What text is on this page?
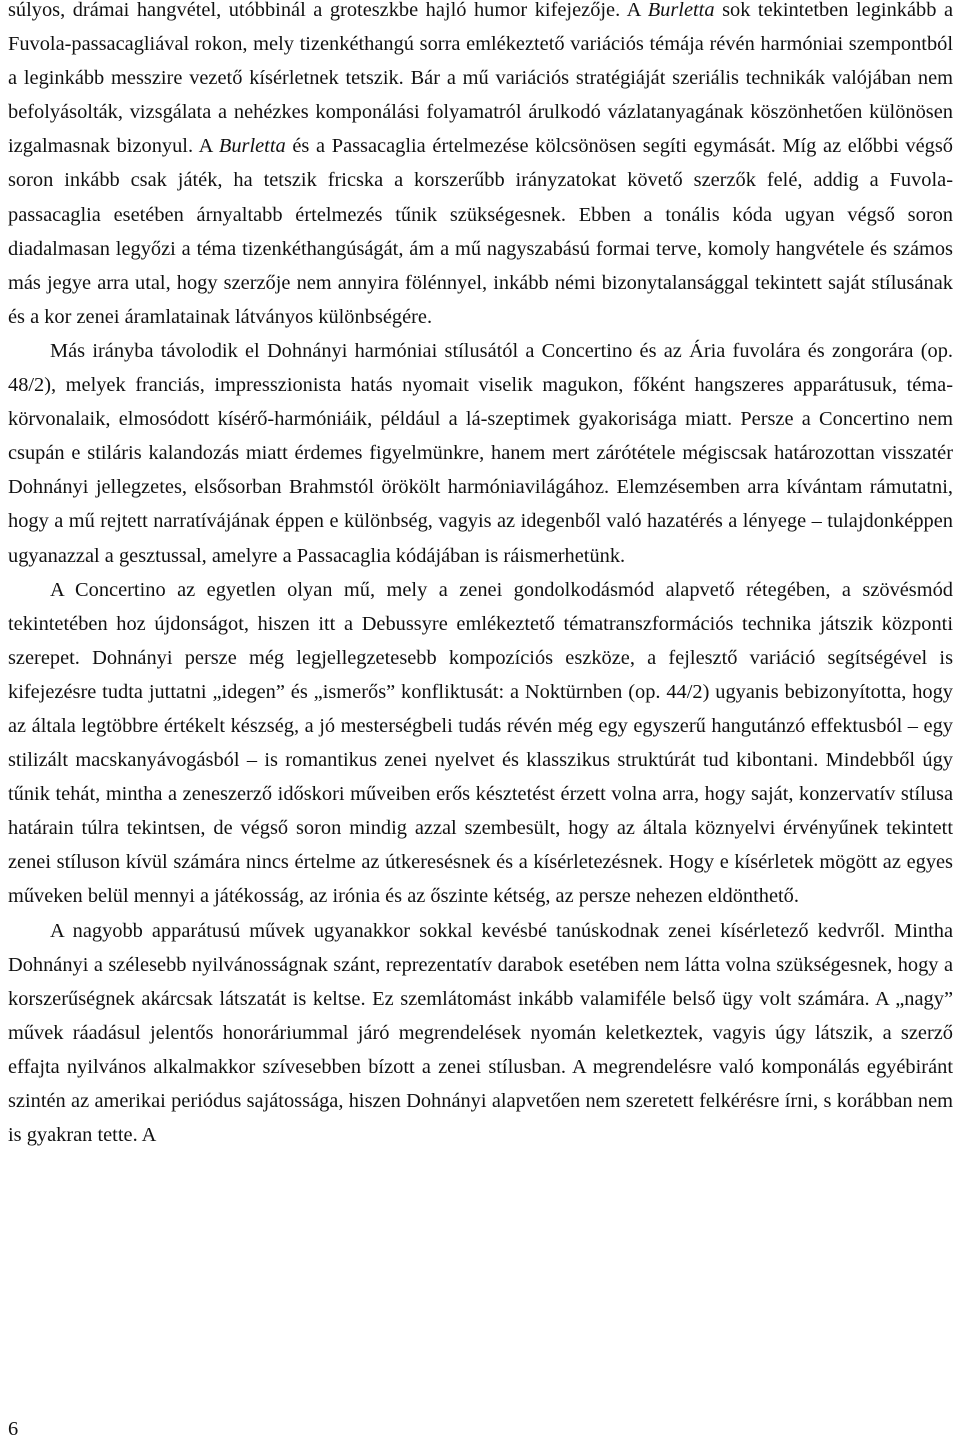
súlyos, drámai hangvétel, utóbbinál a groteszkbe hajló humor kifejezője. A Burletta sok tekintetben leginkább a Fuvola-passacagliával rokon, mely tizenkéthangú sorra emlékeztető variációs témája révén harmóniai szempontból a leginkább messzire vezető kísérletnek tetszik. Bár a mű variációs stratégiáját szeriális technikák valójában nem befolyásolták, vizsgálata a nehézkes komponálási folyamatról árulkodó vázlatanyagának köszönhetően különösen izgalmasnak bizonyul. A Burletta és a Passacaglia értelmezése kölcsönösen segíti egymását. Míg az előbbi végső soron inkább csak játék, ha tetszik fricska a korszerűbb irányzatokat követő szerzők felé, addig a Fuvola-passacaglia esetében árnyaltabb értelmezés tűnik szükségesnek. Ebben a tonális kóda ugyan végső soron diadalmasan legyőzi a téma tizenkéthangúságát, ám a mű nagyszabású formai terve, komoly hangvétele és számos más jegye arra utal, hogy szerzője nem annyira fölénnyel, inkább némi bizonytalansággal tekintett saját stílusának és a kor zenei áramlatainak látványos különbségére.

Más irányba távolodik el Dohnányi harmóniai stílusától a Concertino és az Ária fuvolára és zongorára (op. 48/2), melyek franciás, impresszionista hatás nyomait viselik magukon, főként hangszeres apparátusuk, téma-körvonalaik, elmosódott kísérő-harmóniáik, például a lá-szeptimek gyakorisága miatt. Persze a Concertino nem csupán e stiláris kalandozás miatt érdemes figyelmünkre, hanem mert zárótétele mégiscsak határozottan visszatér Dohnányi jellegzetes, elsősorban Brahmstól örökölt harmóniavilágához. Elemzésemben arra kívántam rámutatni, hogy a mű rejtett narratívájának éppen e különbség, vagyis az idegenből való hazatérés a lényege – tulajdonképpen ugyanazzal a gesztussal, amelyre a Passacaglia kódájában is ráismerhetünk.

A Concertino az egyetlen olyan mű, mely a zenei gondolkodásmód alapvető rétegében, a szövésmód tekintetében hoz újdonságot, hiszen itt a Debussyre emlékeztető tématranszformációs technika játszik központi szerepet. Dohnányi persze még legjellegzetesebb kompozíciós eszköze, a fejlesztő variáció segítségével is kifejezésre tudta juttatni „idegen” és „ismerős” konfliktusát: a Noktürnben (op. 44/2) ugyanis bebizonyította, hogy az általa legtöbbre értékelt készség, a jó mesterségbeli tudás révén még egy egyszerű hangutánzó effektusból – egy stilizált macskanyávogásból – is romantikus zenei nyelvet és klasszikus struktúrát tud kibontani. Mindebből úgy tűnik tehát, mintha a zeneszerző időskori műveiben erős késztetést érzett volna arra, hogy saját, konzervatív stílusa határain túlra tekintsen, de végső soron mindig azzal szembesült, hogy az általa köznyelvi érvényűnek tekintett zenei stíluson kívül számára nincs értelme az útkeresésnek és a kísérletezésnek. Hogy e kísérletek mögött az egyes műveken belül mennyi a játékosság, az irónia és az őszinte kétség, az persze nehezen eldönthető.

A nagyobb apparátusú művek ugyanakkor sokkal kevésbé tanúskodnak zenei kísérletező kedvről. Mintha Dohnányi a szélesebb nyilvánosságnak szánt, reprezentatív darabok esetében nem látta volna szükségesnek, hogy a korszerűségnek akárcsak látszatát is keltse. Ez szemlátomást inkább valamiféle belső ügy volt számára. A „nagy” művek ráadásul jelentős honoráriummal járó megrendelések nyomán keletkeztek, vagyis úgy látszik, a szerző effajta nyilvános alkalmakkor szívesebben bízott a zenei stílusban. A megrendelésre való komponálás egyébiránt szintén az amerikai periódus sajátossága, hiszen Dohnányi alapvetően nem szeretett felkérésre írni, s korábban nem is gyakran tette. A

6
